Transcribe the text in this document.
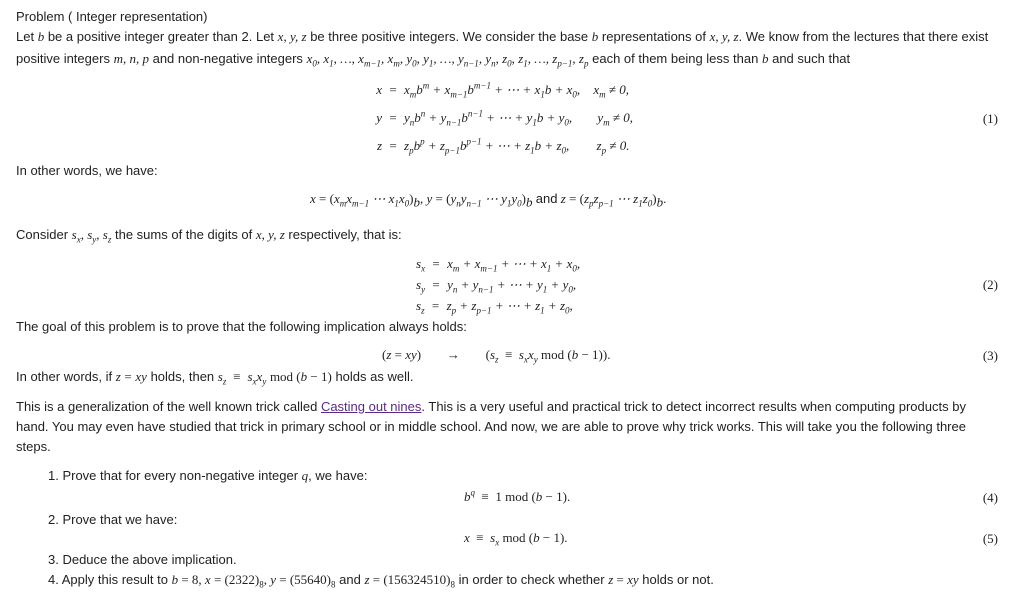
Problem ( Integer representation)
Let b be a positive integer greater than 2. Let x, y, z be three positive integers. We consider the base b representations of x, y, z. We know from the lectures that there exist
positive integers m, n, p and non-negative integers $x_0$, $x_1$, …, $x_{m-1}$, $x_m$, $y_0$, $y_1$, …, $y_{n-1}$, $y_n$, $z_0$, $z_1$, …, $z_{p-1}$, $z_p$ each of them being less than b and such that
$x = x_mb^m + x_{m-1}b^{m-1}$ + ⋯ + $x_1b + x_0$, $x_m \ne 0$,
$y = y_nb^n + y_{n-1}b^{n-1}$ + ⋯ + $y_1b + y_0$, $y_m \ne 0$,
$z = z_pb^p + z_{p-1}b^{p-1}$ + ⋯ + $z_1b + z_0$, $z_p \ne 0$.
(1)
In other words, we have:
$x = (x_mx_{m-1}$ ⋯ $x_1x_0)_b$, $y = (y_ny_{n-1}$ ⋯ $y_1y_0)_b$ and $z = (z_pz_{p-1}$ ⋯ $z_1z_0)_b$.
Consider $s_x$, $s_y$, $s_z$ the sums of the digits of x, y, z respectively, that is:
$s_x = x_m + x_{m-1}$ + ⋯ + $x_1 + x_0$,
$s_y = y_n + y_{n-1}$ + ⋯ + $y_1 + y_0$,
$s_z = z_p + z_{p-1}$ + ⋯ + $z_1 + z_0$,
(2)
The goal of this problem is to prove that the following implication always holds:
$(z = xy) \to (s_z \equiv s_xx_y$ mod (b − 1)).	(3)
In other words, if z = xy holds, then $s_z \equiv s_xx_y$ mod (b − 1) holds as well.
This is a generalization of the well known trick called Casting out nines. This is a very useful and practical trick to detect incorrect results when computing products by hand. You may even have studied that trick in primary school or in middle school. And now, we are able to prove why trick works. This will take you the following three steps.
1. Prove that for every non-negative integer q, we have:
$b^q \equiv 1$ mod (b − 1).	(4)
2. Prove that we have:
$x \equiv s_x$ mod (b − 1).	(5)
3. Deduce the above implication.
4. Apply this result to b = 8, $x = (2322)_8$, $y = (55640)_8$ and $z = (156324510)_8$ in order to check whether z = xy holds or not.
